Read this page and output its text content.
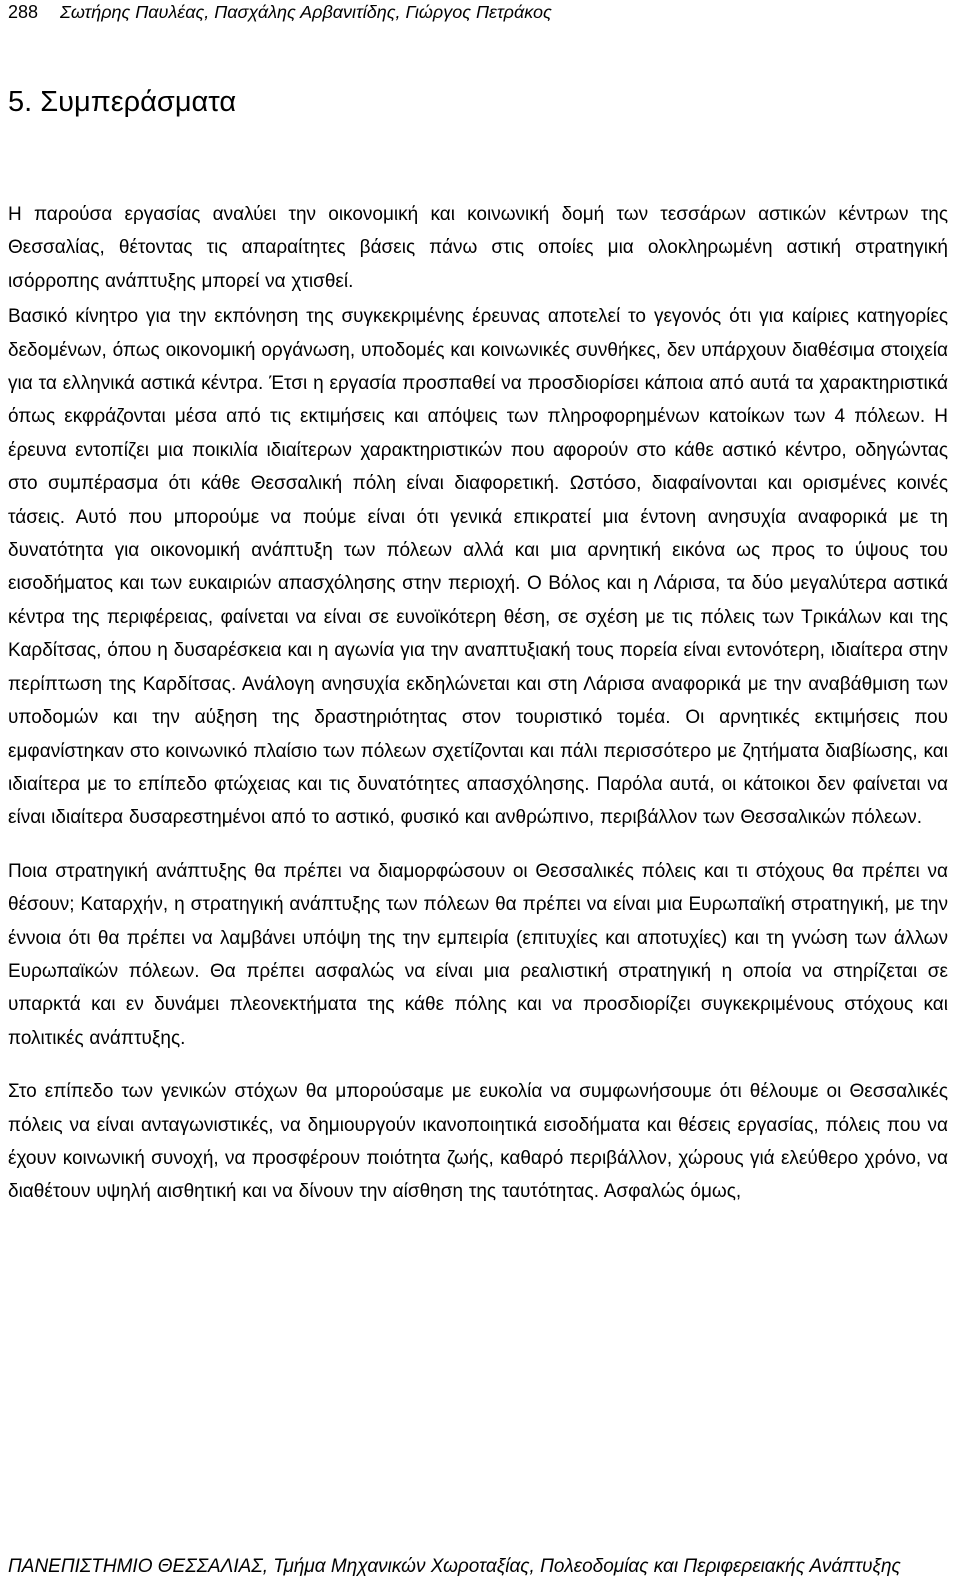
288 Σωτήρης Παυλέας, Πασχάλης Αρβανιτίδης, Γιώργος Πετράκος
5. Συμπεράσματα

Η παρούσα εργασίας αναλύει την οικονομική και κοινωνική δομή των τεσσάρων αστικών κέντρων της Θεσσαλίας, θέτοντας τις απαραίτητες βάσεις πάνω στις οποίες μια ολοκληρωμένη αστική στρατηγική ισόρροπης ανάπτυξης μπορεί να χτισθεί.

Βασικό κίνητρο για την εκπόνηση της συγκεκριμένης έρευνας αποτελεί το γεγονός ότι για καίριες κατηγορίες δεδομένων, όπως οικονομική οργάνωση, υποδομές και κοινωνικές συνθήκες, δεν υπάρχουν διαθέσιμα στοιχεία για τα ελληνικά αστικά κέντρα. Έτσι η εργασία προσπαθεί να προσδιορίσει κάποια από αυτά τα χαρακτηριστικά όπως εκφράζονται μέσα από τις εκτιμήσεις και απόψεις των πληροφορημένων κατοίκων των 4 πόλεων. Η έρευνα εντοπίζει μια ποικιλία ιδιαίτερων χαρακτηριστικών που αφορούν στο κάθε αστικό κέντρο, οδηγώντας στο συμπέρασμα ότι κάθε Θεσσαλική πόλη είναι διαφορετική. Ωστόσο, διαφαίνονται και ορισμένες κοινές τάσεις. Αυτό που μπορούμε να πούμε είναι ότι γενικά επικρατεί μια έντονη ανησυχία αναφορικά με τη δυνατότητα για οικονομική ανάπτυξη των πόλεων αλλά και μια αρνητική εικόνα ως προς το ύψους του εισοδήματος και των ευκαιριών απασχόλησης στην περιοχή. Ο Βόλος και η Λάρισα, τα δύο μεγαλύτερα αστικά κέντρα της περιφέρειας, φαίνεται να είναι σε ευνοϊκότερη θέση, σε σχέση με τις πόλεις των Τρικάλων και της Καρδίτσας, όπου η δυσαρέσκεια και η αγωνία για την αναπτυξιακή τους πορεία είναι εντονότερη, ιδιαίτερα στην περίπτωση της Καρδίτσας. Ανάλογη ανησυχία εκδηλώνεται και στη Λάρισα αναφορικά με την αναβάθμιση των υποδομών και την αύξηση της δραστηριότητας στον τουριστικό τομέα. Οι αρνητικές εκτιμήσεις που εμφανίστηκαν στο κοινωνικό πλαίσιο των πόλεων σχετίζονται και πάλι περισσότερο με ζητήματα διαβίωσης, και ιδιαίτερα με το επίπεδο φτώχειας και τις δυνατότητες απασχόλησης. Παρόλα αυτά, οι κάτοικοι δεν φαίνεται να είναι ιδιαίτερα δυσαρεστημένοι από το αστικό, φυσικό και ανθρώπινο, περιβάλλον των Θεσσαλικών πόλεων.

Ποια στρατηγική ανάπτυξης θα πρέπει να διαμορφώσουν οι Θεσσαλικές πόλεις και τι στόχους θα πρέπει να θέσουν; Καταρχήν, η στρατηγική ανάπτυξης των πόλεων θα πρέπει να είναι μια Ευρωπαϊκή στρατηγική, με την έννοια ότι θα πρέπει να λαμβάνει υπόψη της την εμπειρία (επιτυχίες και αποτυχίες) και τη γνώση των άλλων Ευρωπαϊκών πόλεων. Θα πρέπει ασφαλώς να είναι μια ρεαλιστική στρατηγική η οποία να στηρίζεται σε υπαρκτά και εν δυνάμει πλεονεκτήματα της κάθε πόλης και να προσδιορίζει συγκεκριμένους στόχους και πολιτικές ανάπτυξης.

Στο επίπεδο των γενικών στόχων θα μπορούσαμε με ευκολία να συμφωνήσουμε ότι θέλουμε οι Θεσσαλικές πόλεις να είναι ανταγωνιστικές, να δημιουργούν ικανοποιητικά εισοδήματα και θέσεις εργασίας, πόλεις που να έχουν κοινωνική συνοχή, να προσφέρουν ποιότητα ζωής, καθαρό περιβάλλον, χώρους γιά ελεύθερο χρόνο, να διαθέτουν υψηλή αισθητική και να δίνουν την αίσθηση της ταυτότητας. Ασφαλώς όμως,

ΠΑΝΕΠΙΣΤΗΜΙΟ ΘΕΣΣΑΛΙΑΣ, Τμήμα Μηχανικών Χωροταξίας, Πολεοδομίας και Περιφερειακής Ανάπτυξης
